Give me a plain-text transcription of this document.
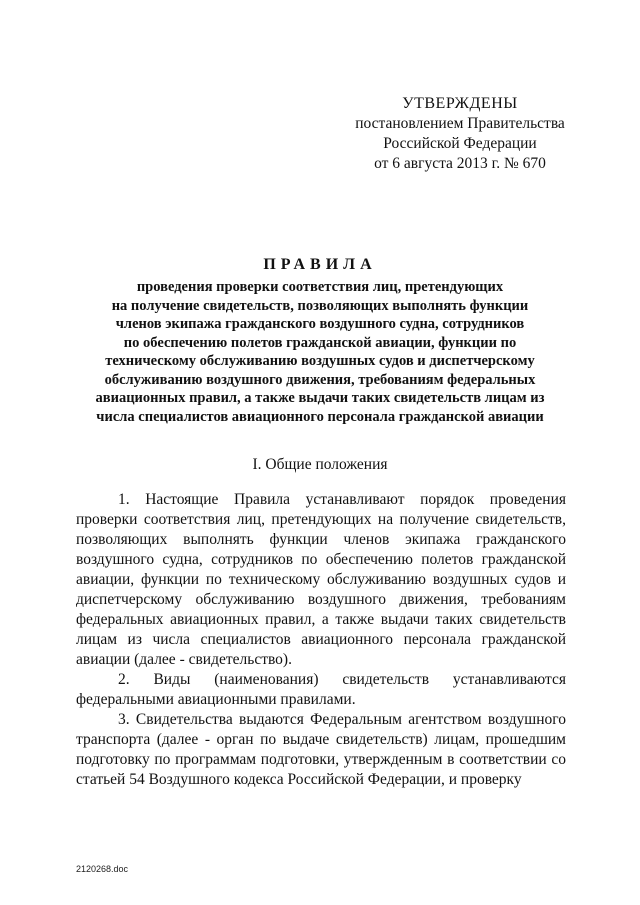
УТВЕРЖДЕНЫ
постановлением Правительства
Российской Федерации
от 6 августа 2013 г. № 670
ПРАВИЛА
проведения проверки соответствия лиц, претендующих
на получение свидетельств, позволяющих выполнять функции
членов экипажа гражданского воздушного судна, сотрудников
по обеспечению полетов гражданской авиации, функции по
техническому обслуживанию воздушных судов и диспетчерскому
обслуживанию воздушного движения, требованиям федеральных
авиационных правил, а также выдачи таких свидетельств лицам из
числа специалистов авиационного персонала гражданской авиации
I. Общие положения

1. Настоящие Правила устанавливают порядок проведения проверки соответствия лиц, претендующих на получение свидетельств, позволяющих выполнять функции членов экипажа гражданского воздушного судна, сотрудников по обеспечению полетов гражданской авиации, функции по техническому обслуживанию воздушных судов и диспетчерскому обслуживанию воздушного движения, требованиям федеральных авиационных правил, а также выдачи таких свидетельств лицам из числа специалистов авиационного персонала гражданской авиации (далее - свидетельство).

2. Виды (наименования) свидетельств устанавливаются федеральными авиационными правилами.

3. Свидетельства выдаются Федеральным агентством воздушного транспорта (далее - орган по выдаче свидетельств) лицам, прошедшим подготовку по программам подготовки, утвержденным в соответствии со статьей 54 Воздушного кодекса Российской Федерации, и проверку

2120268.doc
